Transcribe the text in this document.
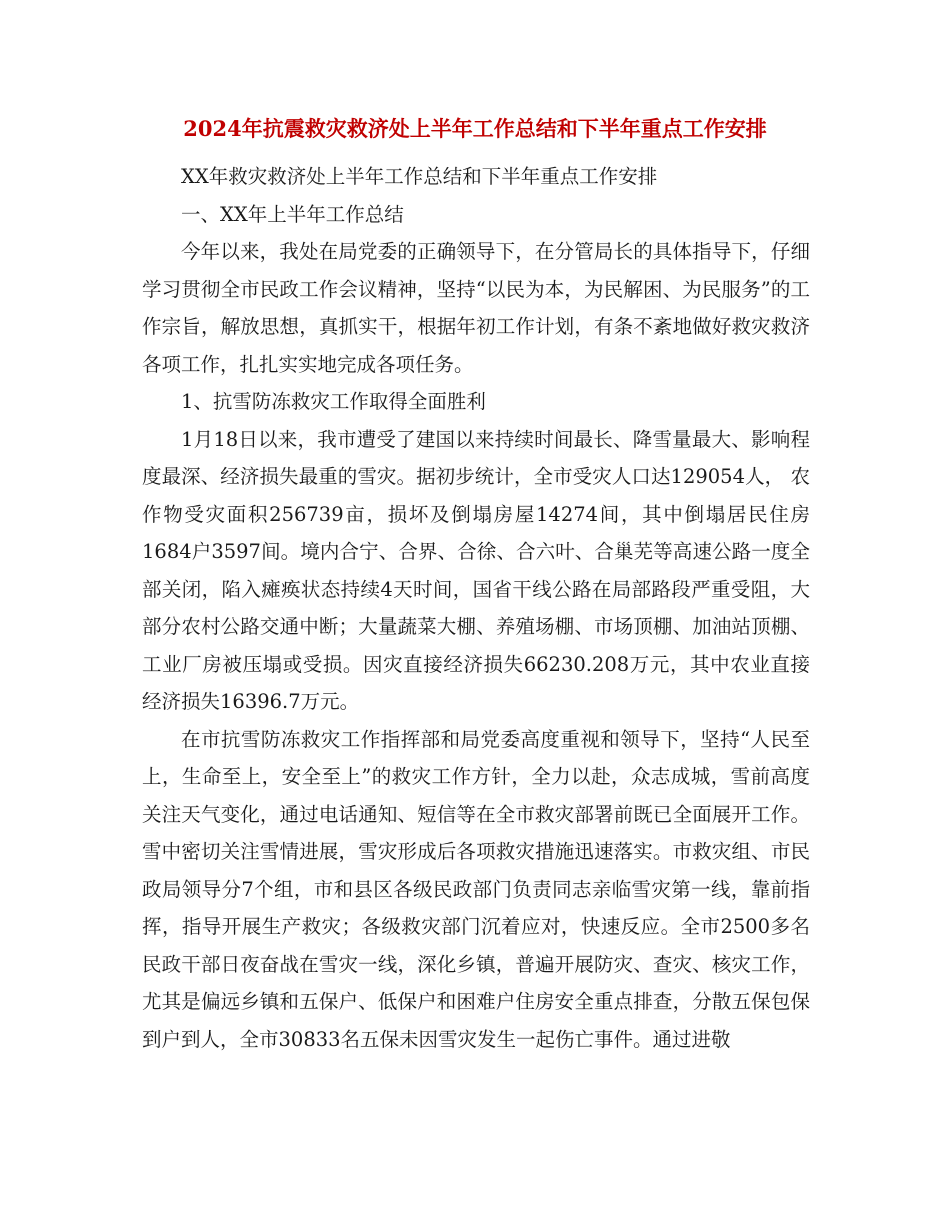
2024年抗震救灾救济处上半年工作总结和下半年重点工作安排

XX年救灾救济处上半年工作总结和下半年重点工作安排

一、XX年上半年工作总结

今年以来，我处在局党委的正确领导下，在分管局长的具体指导下，仔细学习贯彻全市民政工作会议精神，坚持“以民为本，为民解困、为民服务”的工作宗旨，解放思想，真抓实干，根据年初工作计划，有条不紊地做好救灾救济各项工作，扎扎实实地完成各项任务。

1、抗雪防冻救灾工作取得全面胜利

1月18日以来，我市遭受了建国以来持续时间最长、降雪量最大、影响程度最深、经济损失最重的雪灾。据初步统计，全市受灾人口达129054人， 农作物受灾面积256739亩，损坏及倒塌房屋14274间，其中倒塌居民住房1684户3597间。境内合宁、合界、合徐、合六叶、合巢芜等高速公路一度全部关闭，陷入瘫痪状态持续4天时间，国省干线公路在局部路段严重受阻，大部分农村公路交通中断；大量蔬菜大棚、养殖场棚、市场顶棚、加油站顶棚、工业厂房被压塌或受损。因灾直接经济损失66230.208万元，其中农业直接经济损失16396.7万元。

在市抗雪防冻救灾工作指挥部和局党委高度重视和领导下，坚持“人民至上，生命至上，安全至上”的救灾工作方针，全力以赴，众志成城，雪前高度关注天气变化，通过电话通知、短信等在全市救灾部署前既已全面展开工作。雪中密切关注雪情进展，雪灾形成后各项救灾措施迅速落实。市救灾组、市民政局领导分7个组，市和县区各级民政部门负责同志亲临雪灾第一线，靠前指挥，指导开展生产救灾；各级救灾部门沉着应对，快速反应。全市2500多名民政干部日夜奋战在雪灾一线，深化乡镇，普遍开展防灾、查灾、核灾工作，尤其是偏远乡镇和五保户、低保户和困难户住房安全重点排查，分散五保包保到户到人，全市30833名五保未因雪灾发生一起伤亡事件。通过进敬
